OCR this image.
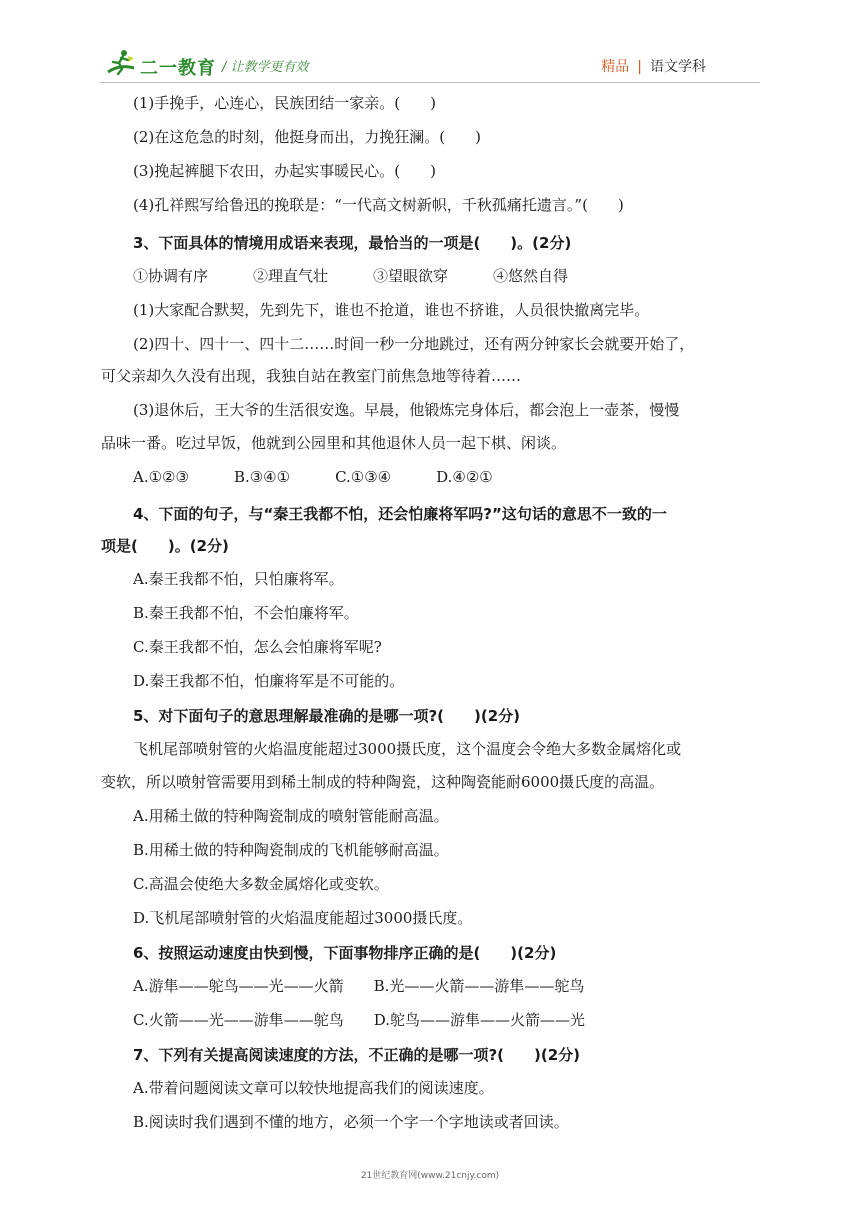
二一教育 / 让教学更有效	精品 | 语文学科
(1)手挽手，心连心，民族团结一家亲。(　　)
(2)在这危急的时刻，他挺身而出，力挽狂澜。(　　)
(3)挽起裤腿下农田，办起实事暖民心。(　　)
(4)孔祥熙写给鲁迅的挽联是：“一代高文树新帜，千秋孤痛托遗言。”(　　)
3、下面具体的情境用成语来表现，最恰当的一项是(　　)。(2分)
①协调有序　　　②理直气壮　　　③望眼欲穿　　　④悠然自得
(1)大家配合默契，先到先下，谁也不抢道，谁也不挤谁，人员很快撤离完毕。
(2)四十、四十一、四十二……时间一秒一分地跳过，还有两分钟家长会就要开始了，
可父亲却久久没有出现，我独自站在教室门前焦急地等待着……
(3)退休后，王大爷的生活很安逸。早晨，他锻炼完身体后，都会泡上一壶茶，慢慢
品味一番。吃过早饭，他就到公园里和其他退休人员一起下棋、闲谈。
A.①②③　　　B.③④①　　　C.①③④　　　D.④②①
4、下面的句子，与“秦王我都不怕，还会怕廉将军吗?”这句话的意思不一致的一
项是(　　)。(2分)
A.秦王我都不怕，只怕廉将军。
B.秦王我都不怕，不会怕廉将军。
C.秦王我都不怕，怎么会怕廉将军呢?
D.秦王我都不怕，怕廉将军是不可能的。
5、对下面句子的意思理解最准确的是哪一项?(　　)(2分)
飞机尾部喷射管的火焰温度能超过3000摄氏度，这个温度会令绝大多数金属熔化或
变软，所以喷射管需要用到稀土制成的特种陶瓷，这种陶瓷能耐6000摄氏度的高温。
A.用稀土做的特种陶瓷制成的喷射管能耐高温。
B.用稀土做的特种陶瓷制成的飞机能够耐高温。
C.高温会使绝大多数金属熔化或变软。
D.飞机尾部喷射管的火焰温度能超过3000摄氏度。
6、按照运动速度由快到慢，下面事物排序正确的是(　　)(2分)
A.游隼——鸵鸟——光——火箭　　B.光——火箭——游隼——鸵鸟
C.火箭——光——游隼——鸵鸟　　D.鸵鸟——游隼——火箭——光
7、下列有关提高阅读速度的方法，不正确的是哪一项?(　　)(2分)
A.带着问题阅读文章可以较快地提高我们的阅读速度。
B.阅读时我们遇到不懂的地方，必须一个字一个字地读或者回读。
21世纪教育网(www.21cnjy.com)
